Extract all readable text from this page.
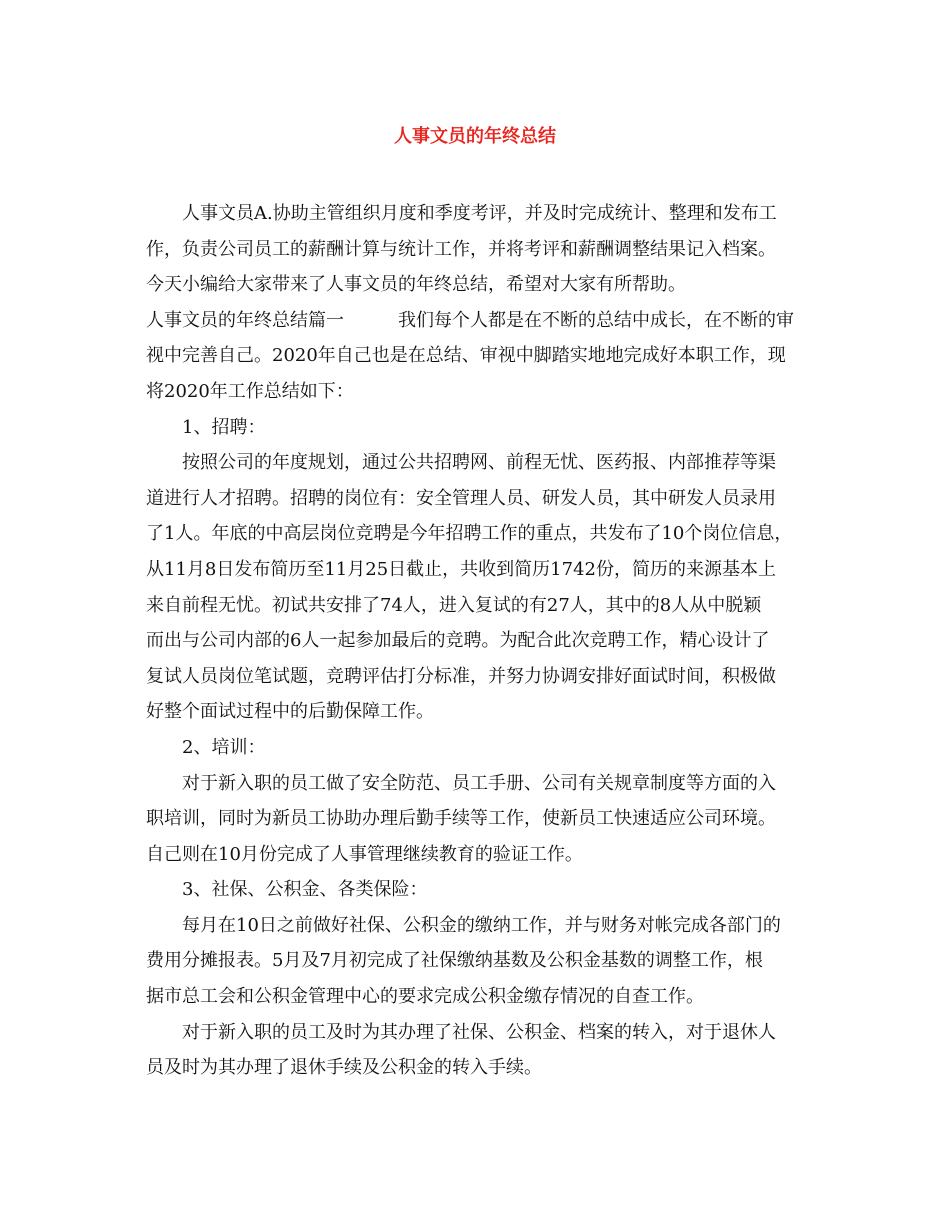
人事文员的年终总结
人事文员A.协助主管组织月度和季度考评，并及时完成统计、整理和发布工
作，负责公司员工的薪酬计算与统计工作，并将考评和薪酬调整结果记入档案。
今天小编给大家带来了人事文员的年终总结，希望对大家有所帮助。
人事文员的年终总结篇一　　　我们每个人都是在不断的总结中成长，在不断的审
视中完善自己。2020年自己也是在总结、审视中脚踏实地地完成好本职工作，现
将2020年工作总结如下：
1、招聘：
按照公司的年度规划，通过公共招聘网、前程无忧、医药报、内部推荐等渠
道进行人才招聘。招聘的岗位有：安全管理人员、研发人员，其中研发人员录用
了1人。年底的中高层岗位竞聘是今年招聘工作的重点，共发布了10个岗位信息，
从11月8日发布简历至11月25日截止，共收到简历1742份，简历的来源基本上
来自前程无忧。初试共安排了74人，进入复试的有27人，其中的8人从中脱颖
而出与公司内部的6人一起参加最后的竞聘。为配合此次竞聘工作，精心设计了
复试人员岗位笔试题，竞聘评估打分标准，并努力协调安排好面试时间，积极做
好整个面试过程中的后勤保障工作。
2、培训：
对于新入职的员工做了安全防范、员工手册、公司有关规章制度等方面的入
职培训，同时为新员工协助办理后勤手续等工作，使新员工快速适应公司环境。
自己则在10月份完成了人事管理继续教育的验证工作。
3、社保、公积金、各类保险：
每月在10日之前做好社保、公积金的缴纳工作，并与财务对帐完成各部门的
费用分摊报表。5月及7月初完成了社保缴纳基数及公积金基数的调整工作，根
据市总工会和公积金管理中心的要求完成公积金缴存情况的自查工作。
对于新入职的员工及时为其办理了社保、公积金、档案的转入，对于退休人
员及时为其办理了退休手续及公积金的转入手续。
